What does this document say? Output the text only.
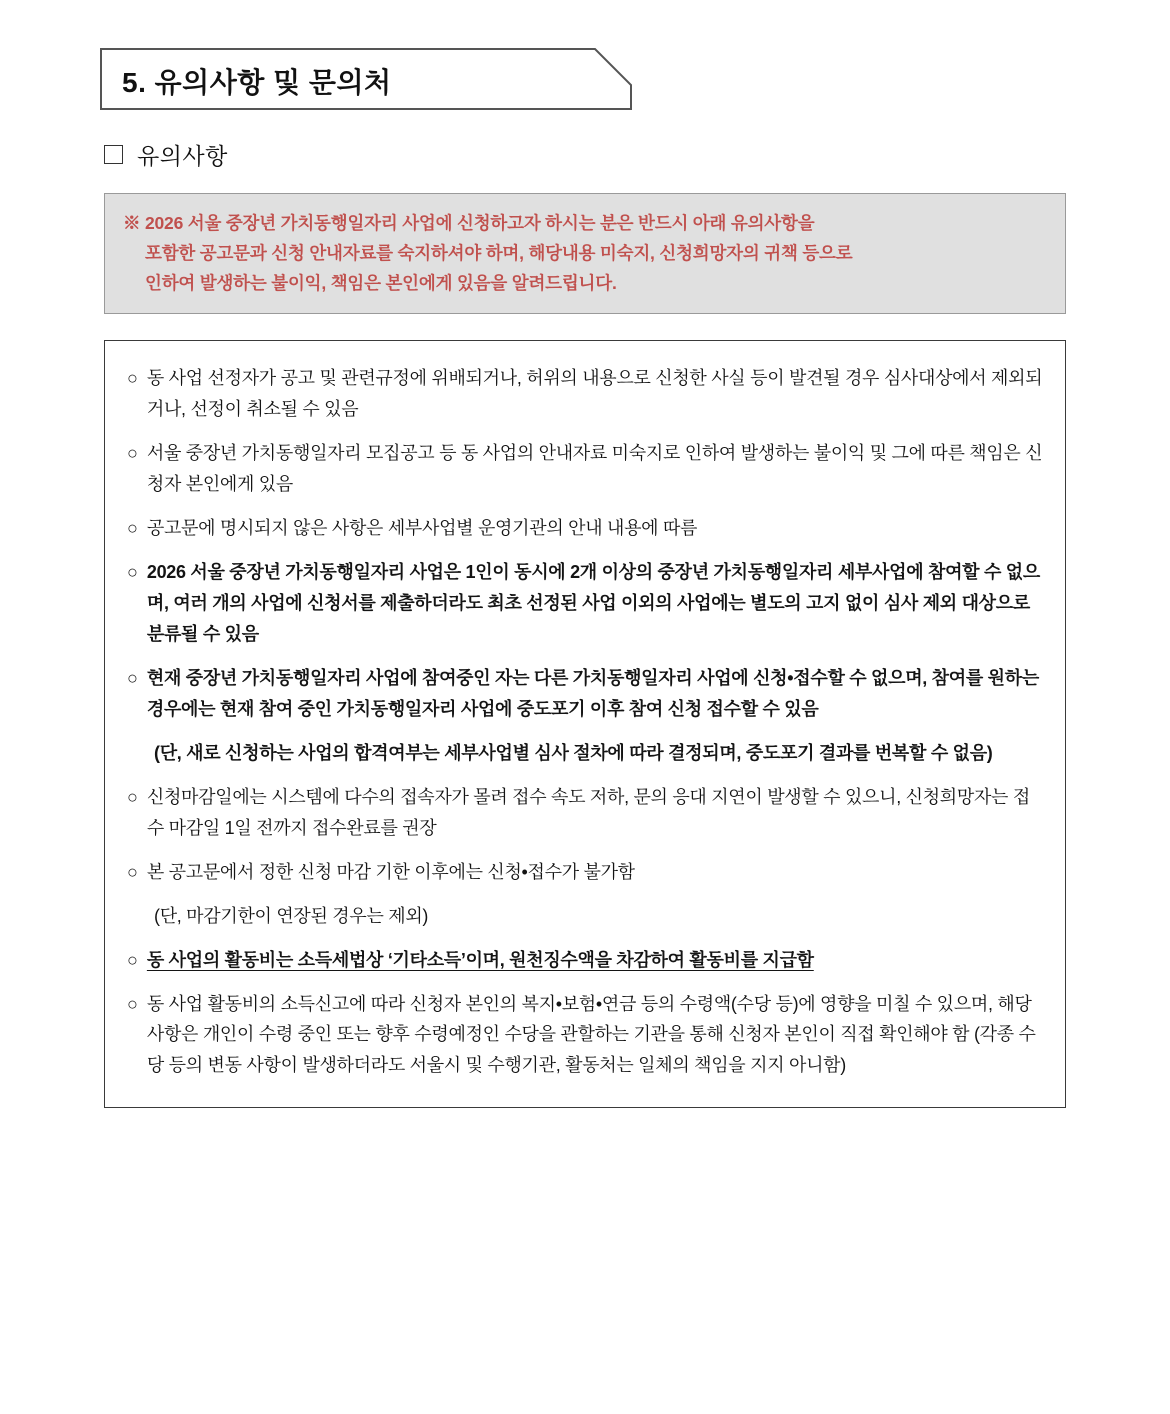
5. 유의사항 및 문의처
유의사항
※ 2026 서울 중장년 가치동행일자리 사업에 신청하고자 하시는 분은 반드시 아래 유의사항을
포함한 공고문과 신청 안내자료를 숙지하셔야 하며, 해당내용 미숙지, 신청희망자의 귀책 등으로
인하여 발생하는 불이익, 책임은 본인에게 있음을 알려드립니다.
○ 동 사업 선정자가 공고 및 관련규정에 위배되거나, 허위의 내용으로 신청한 사실 등이 발견될 경우 심사대상에서 제외되거나, 선정이 취소될 수 있음
○ 서울 중장년 가치동행일자리 모집공고 등 동 사업의 안내자료 미숙지로 인하여 발생하는 불이익 및 그에 따른 책임은 신청자 본인에게 있음
○ 공고문에 명시되지 않은 사항은 세부사업별 운영기관의 안내 내용에 따름
○ 2026 서울 중장년 가치동행일자리 사업은 1인이 동시에 2개 이상의 중장년 가치동행일자리 세부사업에 참여할 수 없으며, 여러 개의 사업에 신청서를 제출하더라도 최초 선정된 사업 이외의 사업에는 별도의 고지 없이 심사 제외 대상으로 분류될 수 있음
○ 현재 중장년 가치동행일자리 사업에 참여중인 자는 다른 가치동행일자리 사업에 신청•접수할 수 없으며, 참여를 원하는 경우에는 현재 참여 중인 가치동행일자리 사업에 중도포기 이후 참여 신청 접수할 수 있음
(단, 새로 신청하는 사업의 합격여부는 세부사업별 심사 절차에 따라 결정되며, 중도포기 결과를 번복할 수 없음)
○ 신청마감일에는 시스템에 다수의 접속자가 몰려 접수 속도 저하, 문의 응대 지연이 발생할 수 있으니, 신청희망자는 접수 마감일 1일 전까지 접수완료를 권장
○ 본 공고문에서 정한 신청 마감 기한 이후에는 신청•접수가 불가함
(단, 마감기한이 연장된 경우는 제외)
○ 동 사업의 활동비는 소득세법상 ‘기타소득’이며, 원천징수액을 차감하여 활동비를 지급함
○ 동 사업 활동비의 소득신고에 따라 신청자 본인의 복지•보험•연금 등의 수령액(수당 등)에 영향을 미칠 수 있으며, 해당사항은 개인이 수령 중인 또는 향후 수령예정인 수당을 관할하는 기관을 통해 신청자 본인이 직접 확인해야 함 (각종 수당 등의 변동 사항이 발생하더라도 서울시 및 수행기관, 활동처는 일체의 책임을 지지 아니함)
